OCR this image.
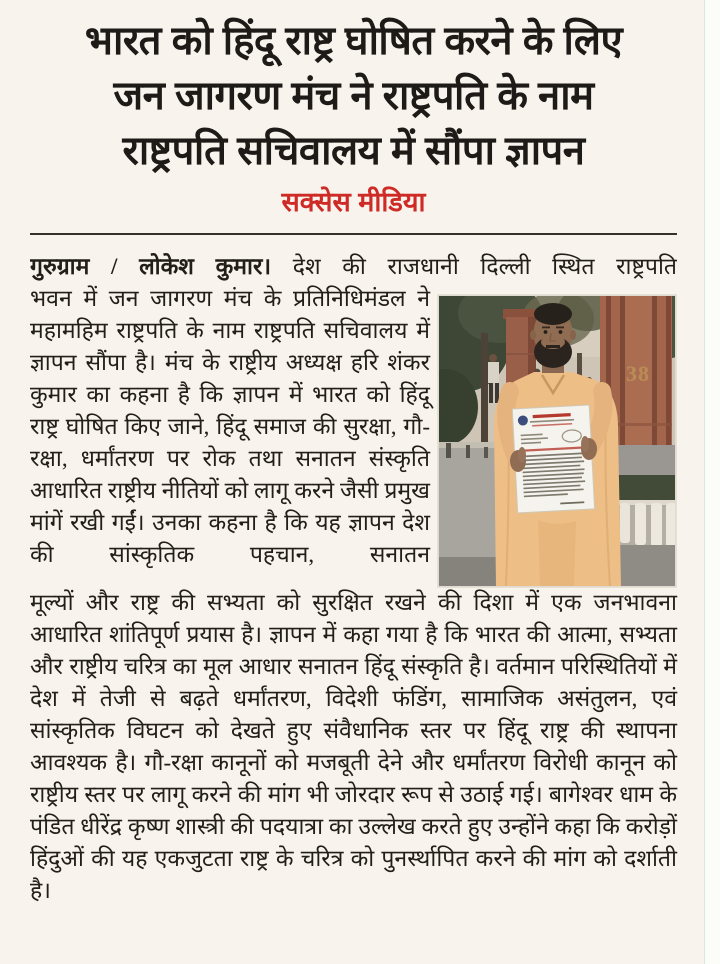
भारत को हिंदू राष्ट्र घोषित करने के लिए
जन जागरण मंच ने राष्ट्रपति के नाम
राष्ट्रपति सचिवालय में सौंपा ज्ञापन
सक्सेस मीडिया

गुरुग्राम / लोकेश कुमार। देश की राजधानी दिल्ली स्थित राष्ट्रपति

भवन में जन जागरण मंच के प्रतिनिधिमंडल ने महामहिम राष्ट्रपति के नाम राष्ट्रपति सचिवालय में ज्ञापन सौंपा है। मंच के राष्ट्रीय अध्यक्ष हरि शंकर कुमार का कहना है कि ज्ञापन में भारत को हिंदू राष्ट्र घोषित किए जाने, हिंदू समाज की सुरक्षा, गौ-रक्षा, धर्मांतरण पर रोक तथा सनातन संस्कृति आधारित राष्ट्रीय नीतियों को लागू करने जैसी प्रमुख मांगें रखी गईं। उनका कहना है कि यह ज्ञापन देश की सांस्कृतिक पहचान, सनातन

38

मूल्यों और राष्ट्र की सभ्यता को सुरक्षित रखने की दिशा में एक जनभावना आधारित शांतिपूर्ण प्रयास है। ज्ञापन में कहा गया है कि भारत की आत्मा, सभ्यता और राष्ट्रीय चरित्र का मूल आधार सनातन हिंदू संस्कृति है। वर्तमान परिस्थितियों में देश में तेजी से बढ़ते धर्मांतरण, विदेशी फंडिंग, सामाजिक असंतुलन, एवं सांस्कृतिक विघटन को देखते हुए संवैधानिक स्तर पर हिंदू राष्ट्र की स्थापना आवश्यक है। गौ-रक्षा कानूनों को मजबूती देने और धर्मांतरण विरोधी कानून को राष्ट्रीय स्तर पर लागू करने की मांग भी जोरदार रूप से उठाई गई। बागेश्वर धाम के पंडित धीरेंद्र कृष्ण शास्त्री की पदयात्रा का उल्लेख करते हुए उन्होंने कहा कि करोड़ों हिंदुओं की यह एकजुटता राष्ट्र के चरित्र को पुनर्स्थापित करने की मांग को दर्शाती है।
